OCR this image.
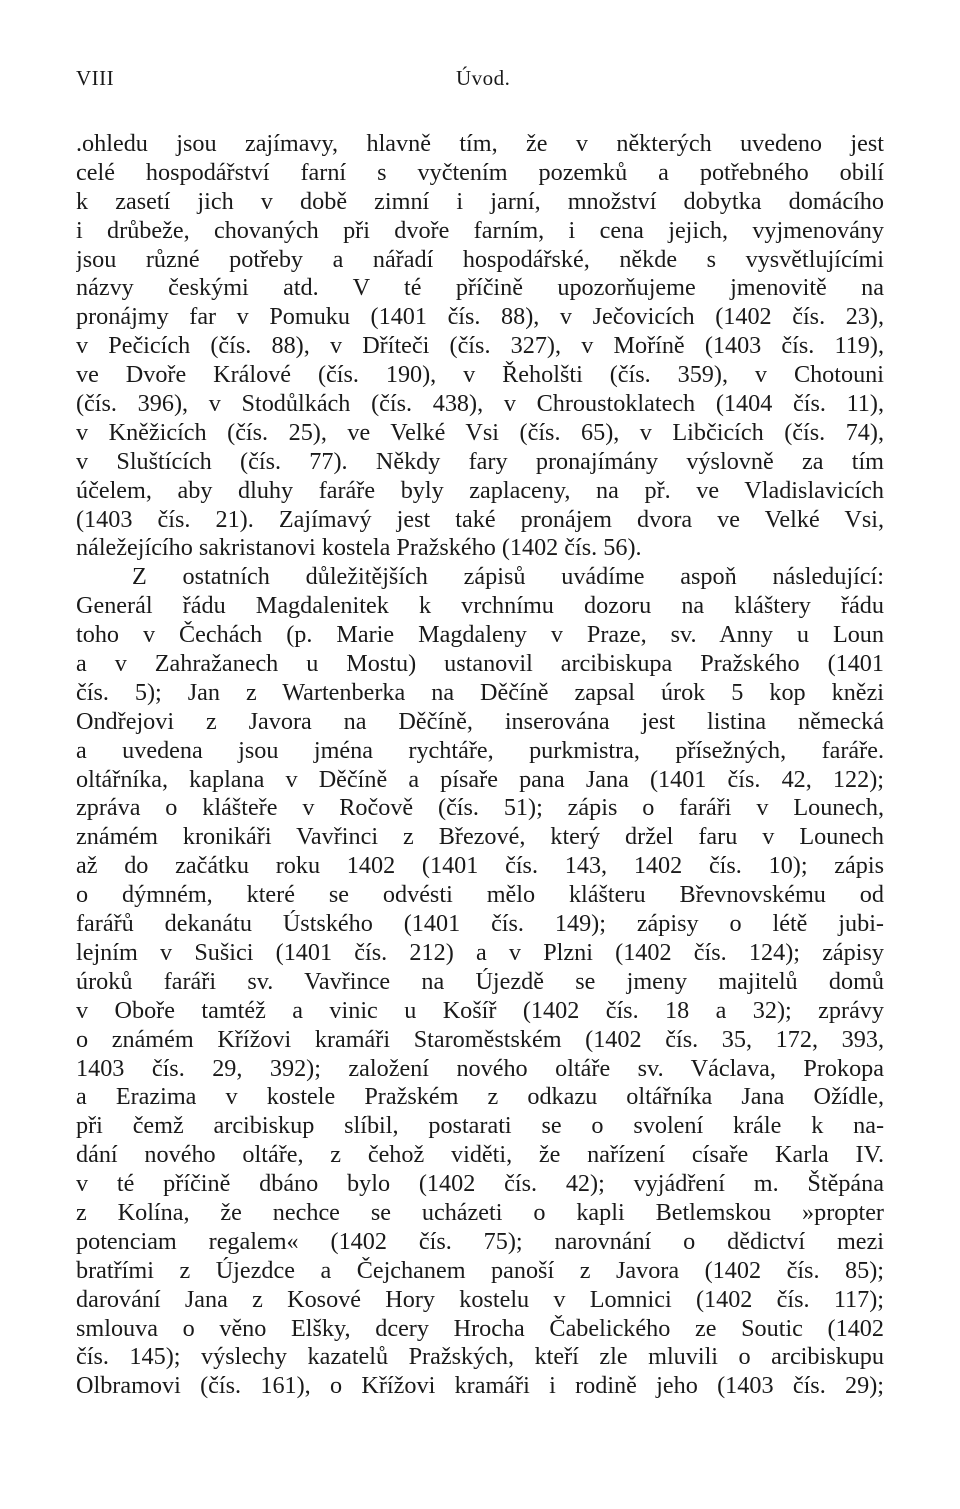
VIII	Úvod.
.ohledu jsou zajímavy, hlavně tím, že v některých uvedeno jest
celé hospodářství farní s vyčtením pozemků a potřebného obilí
k zasetí jich v době zimní i jarní, množství dobytka domácího
i drůbeže, chovaných při dvoře farním, i cena jejich, vyjmenovány
jsou různé potřeby a nářadí hospodářské, někde s vysvětlujícími
názvy českými atd. V té příčině upozorňujeme jmenovitě na
pronájmy far v Pomuku (1401 čís. 88), v Ječovicích (1402 čís. 23),
v Pečicích (čís. 88), v Dříteči (čís. 327), v Moříně (1403 čís. 119),
ve Dvoře Králové (čís. 190), v Řeholšti (čís. 359), v Chotouni
(čís. 396), v Stodůlkách (čís. 438), v Chroustoklatech (1404 čís. 11),
v Kněžicích (čís. 25), ve Velké Vsi (čís. 65), v Libčicích (čís. 74),
v Sluštících (čís. 77). Někdy fary pronajímány výslovně za tím
účelem, aby dluhy faráře byly zaplaceny, na př. ve Vladislavicích
(1403 čís. 21). Zajímavý jest také pronájem dvora ve Velké Vsi,
náležejícího sakristanovi kostela Pražského (1402 čís. 56).
Z ostatních důležitějších zápisů uvádíme aspoň následující:
Generál řádu Magdalenitek k vrchnímu dozoru na kláštery řádu
toho v Čechách (p. Marie Magdaleny v Praze, sv. Anny u Loun
a v Zahražanech u Mostu) ustanovil arcibiskupa Pražského (1401
čís. 5); Jan z Wartenberka na Děčíně zapsal úrok 5 kop knězi
Ondřejovi z Javora na Děčíně, inserována jest listina německá
a uvedena jsou jména rychtáře, purkmistra, přísežných, faráře.
oltářníka, kaplana v Děčíně a písaře pana Jana (1401 čís. 42, 122);
zpráva o klášteře v Ročově (čís. 51); zápis o faráři v Lounech,
známém kronikáři Vavřinci z Březové, který držel faru v Lounech
až do začátku roku 1402 (1401 čís. 143, 1402 čís. 10); zápis
o dýmném, které se odvésti mělo klášteru Břevnovskému od
farářů dekanátu Ústského (1401 čís. 149); zápisy o létě jubi-
lejním v Sušici (1401 čís. 212) a v Plzni (1402 čís. 124); zápisy
úroků faráři sv. Vavřince na Újezdě se jmeny majitelů domů
v Oboře tamtéž a vinic u Košíř (1402 čís. 18 a 32); zprávy
o známém Křížovi kramáři Staroměstském (1402 čís. 35, 172, 393,
1403 čís. 29, 392); založení nového oltáře sv. Václava, Prokopa
a Erazima v kostele Pražském z odkazu oltářníka Jana Ožídle,
při čemž arcibiskup slíbil, postarati se o svolení krále k na-
dání nového oltáře, z čehož viděti, že nařízení císaře Karla IV.
v té příčině dbáno bylo (1402 čís. 42); vyjádření m. Štěpána
z Kolína, že nechce se ucházeti o kapli Betlemskou »propter
potenciam regalem« (1402 čís. 75); narovnání o dědictví mezi
bratřími z Újezdce a Čejchanem panoší z Javora (1402 čís. 85);
darování Jana z Kosové Hory kostelu v Lomnici (1402 čís. 117);
smlouva o věno Elšky, dcery Hrocha Čabelického ze Soutic (1402
čís. 145); výslechy kazatelů Pražských, kteří zle mluvili o arcibiskupu
Olbramovi (čís. 161), o Křížovi kramáři i rodině jeho (1403 čís. 29);
